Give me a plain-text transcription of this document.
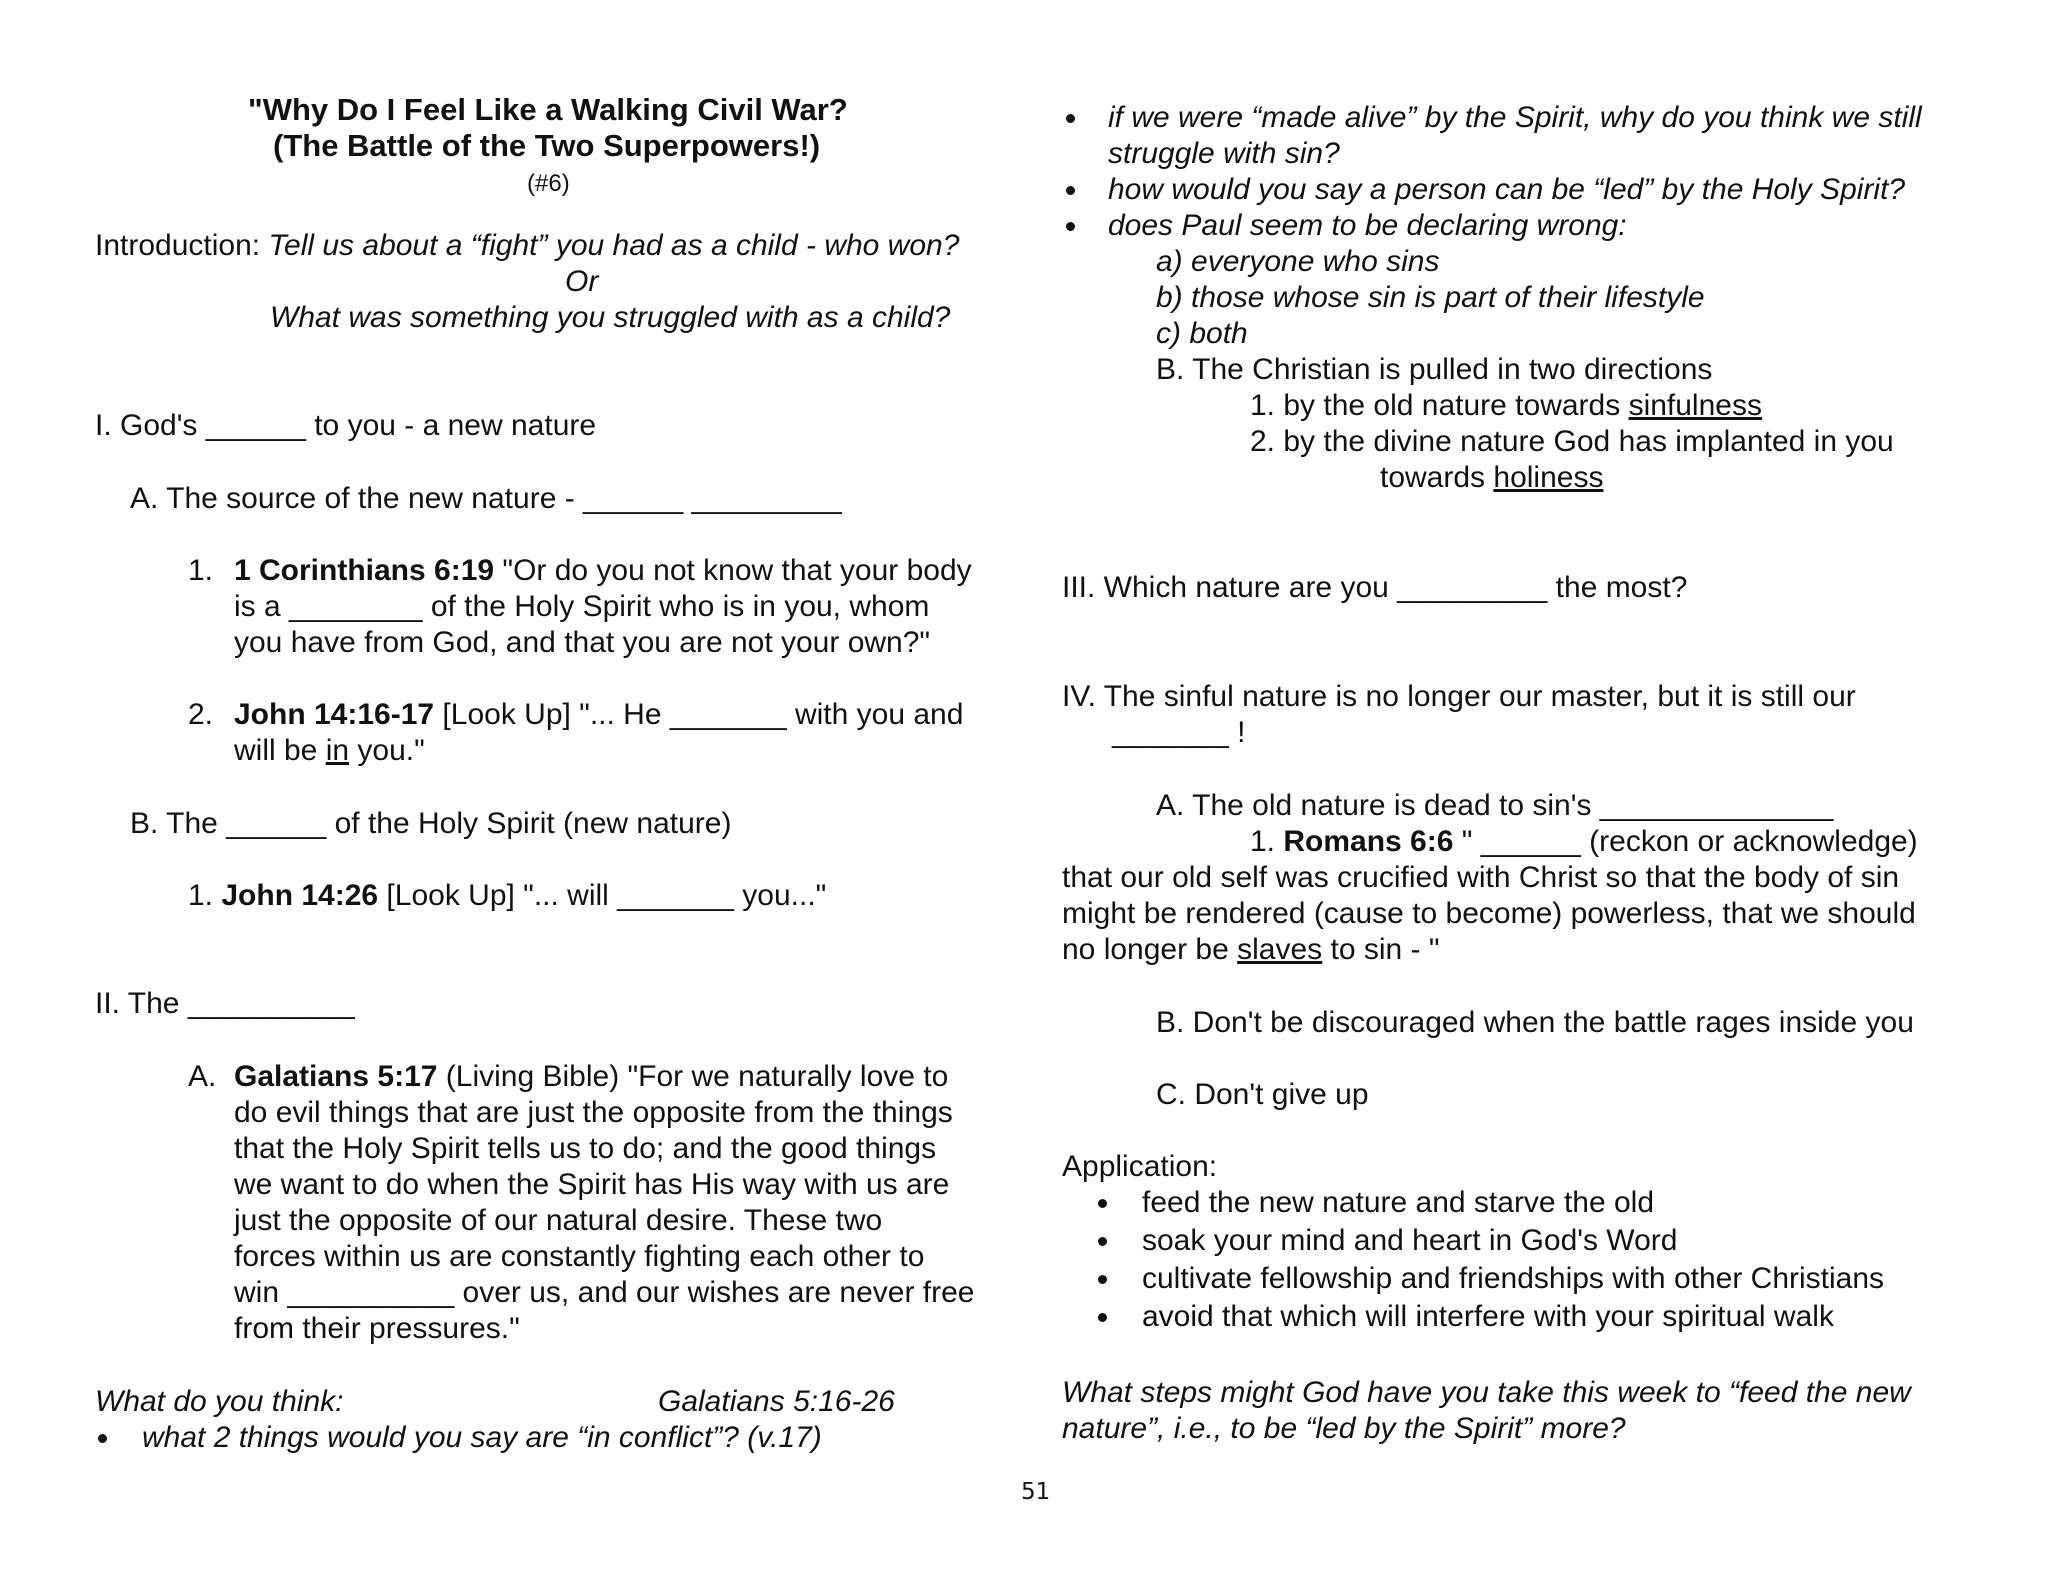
"Why Do I Feel Like a Walking Civil War?
(The Battle of the Two Superpowers!)
(#6)
Introduction: Tell us about a “fight” you had as a child - who won?
Or
What was something you struggled with as a child?
I. God's ______ to you - a new nature
A. The source of the new nature - ______ _________
1. 1 Corinthians 6:19 "Or do you not know that your body
is a ________ of the Holy Spirit who is in you, whom
you have from God, and that you are not your own?"
2. John 14:16-17 [Look Up] "... He _______ with you and
will be in you."
B. The ______ of the Holy Spirit (new nature)
1. John 14:26 [Look Up] "... will _______ you..."
II. The __________
A. Galatians 5:17 (Living Bible) "For we naturally love to
do evil things that are just the opposite from the things
that the Holy Spirit tells us to do; and the good things
we want to do when the Spirit has His way with us are
just the opposite of our natural desire. These two
forces within us are constantly fighting each other to
win __________ over us, and our wishes are never free
from their pressures."
What do you think:	Galatians 5:16-26
what 2 things would you say are “in conflict”? (v.17)
if we were “made alive” by the Spirit, why do you think we still
struggle with sin?
how would you say a person can be “led” by the Holy Spirit?
does Paul seem to be declaring wrong:
a) everyone who sins
b) those whose sin is part of their lifestyle
c) both
B. The Christian is pulled in two directions
1. by the old nature towards sinfulness
2. by the divine nature God has implanted in you
towards holiness
III. Which nature are you _________ the most?
IV. The sinful nature is no longer our master, but it is still our
_______ !
A. The old nature is dead to sin's ______________
1. Romans 6:6 " ______ (reckon or acknowledge)
that our old self was crucified with Christ so that the body of sin
might be rendered (cause to become) powerless, that we should
no longer be slaves to sin - "
B. Don't be discouraged when the battle rages inside you
C. Don't give up
Application:
feed the new nature and starve the old
soak your mind and heart in God's Word
cultivate fellowship and friendships with other Christians
avoid that which will interfere with your spiritual walk
What steps might God have you take this week to “feed the new
nature”, i.e., to be “led by the Spirit” more?
51
